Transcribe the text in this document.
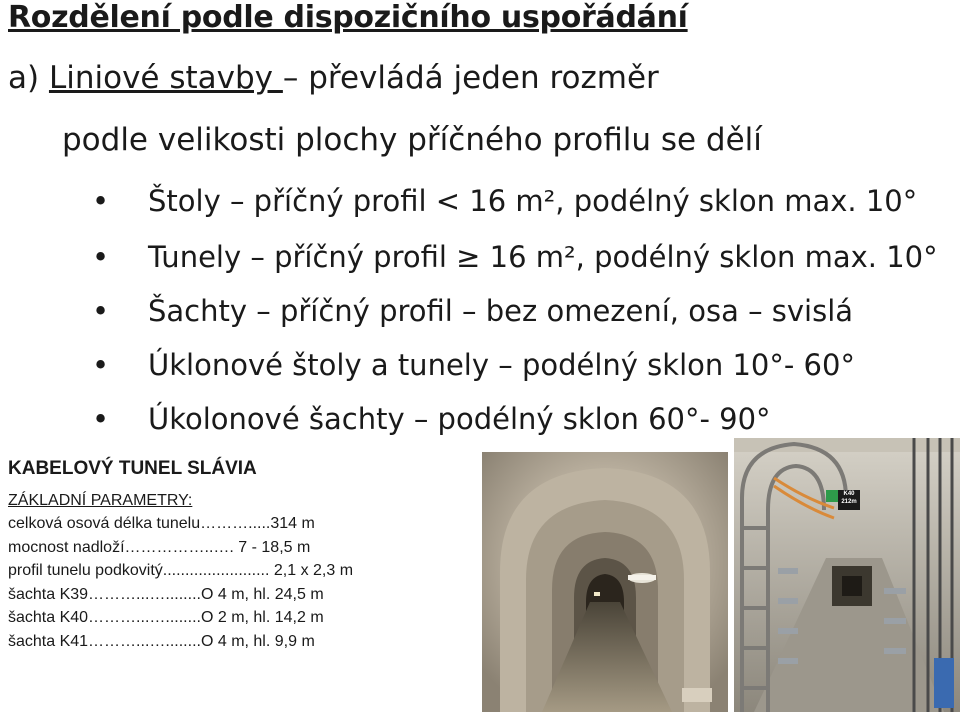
Rozdělení podle dispozičního uspořádání
a) Liniové stavby – převládá jeden rozměr
podle velikosti plochy příčného profilu se dělí
• Štoly – příčný profil < 16 m², podélný sklon max. 10°
• Tunely – příčný profil ≥ 16 m², podélný sklon max. 10°
• Šachty – příčný profil – bez omezení, osa – svislá
• Úklonové štoly a tunely – podélný sklon 10°- 60°
• Úkolonové šachty – podélný sklon 60°- 90°
KABELOVÝ TUNEL SLÁVIA
ZÁKLADNÍ PARAMETRY:
celková osová délka tunelu……….....314 m
mocnost nadloží……………..…. 7 - 18,5 m
profil tunelu podkovitý........................ 2,1 x 2,3 m
šachta K39………...…........O 4 m, hl. 24,5 m
šachta K40………...…........O 2 m, hl. 14,2 m
šachta K41………...…........O 4 m, hl. 9,9 m
K40
212m
